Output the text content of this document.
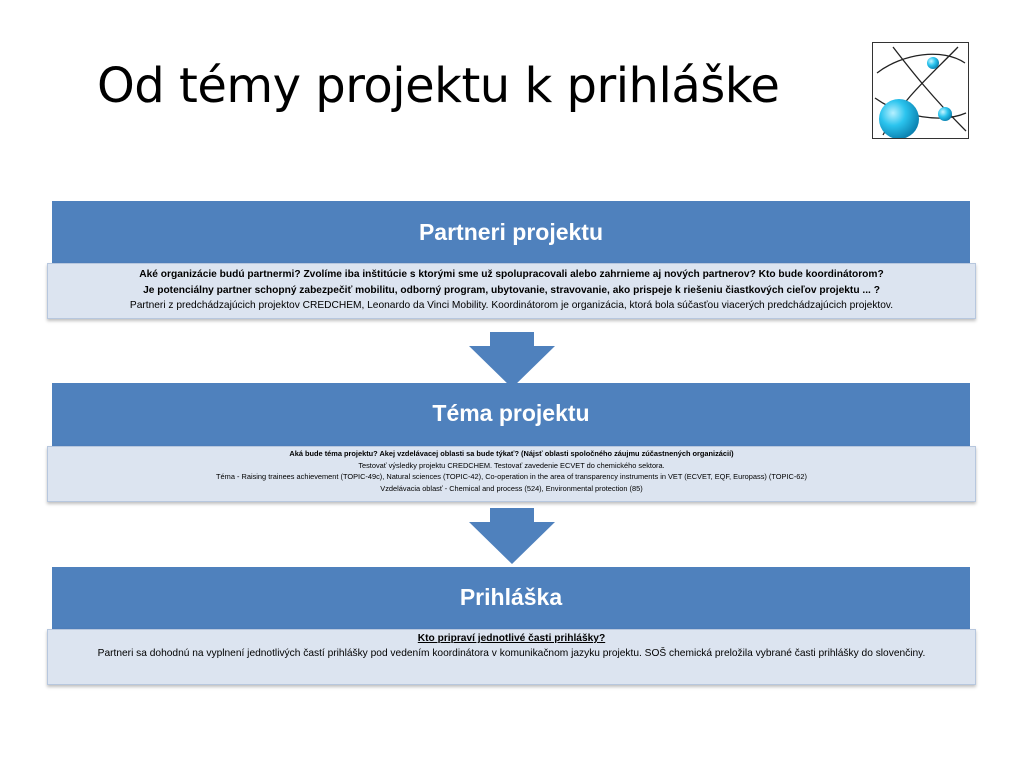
Od témy projektu k prihláške
Partneri projektu

Aké organizácie budú partnermi? Zvolíme iba inštitúcie s ktorými sme už spolupracovali alebo zahrnieme aj nových partnerov? Kto bude koordinátorom?

Je potenciálny partner schopný zabezpečiť mobilitu, odborný program, ubytovanie, stravovanie, ako prispeje k riešeniu čiastkových cieľov projektu ... ?

Partneri z predchádzajúcich projektov CREDCHEM, Leonardo da Vinci Mobility. Koordinátorom je organizácia, ktorá bola súčasťou viacerých predchádzajúcich projektov.

Téma projektu

Aká bude téma projektu? Akej vzdelávacej oblasti sa bude týkať? (Nájsť oblasti spoločného záujmu zúčastnených organizácií)

Testovať výsledky projektu CREDCHEM. Testovať zavedenie ECVET do chemického sektora.

Téma - Raising trainees achievement (TOPIC-49c), Natural sciences (TOPIC-42), Co-operation in the area of transparency instruments in VET (ECVET, EQF, Europass) (TOPIC-62)

Vzdelávacia oblasť - Chemical and process (524), Environmental protection (85)

Prihláška

Kto pripraví jednotlivé časti prihlášky?

Partneri sa dohodnú na vyplnení jednotlivých častí prihlášky pod vedením koordinátora v komunikačnom jazyku projektu. SOŠ chemická preložila vybrané časti prihlášky do slovenčiny.
